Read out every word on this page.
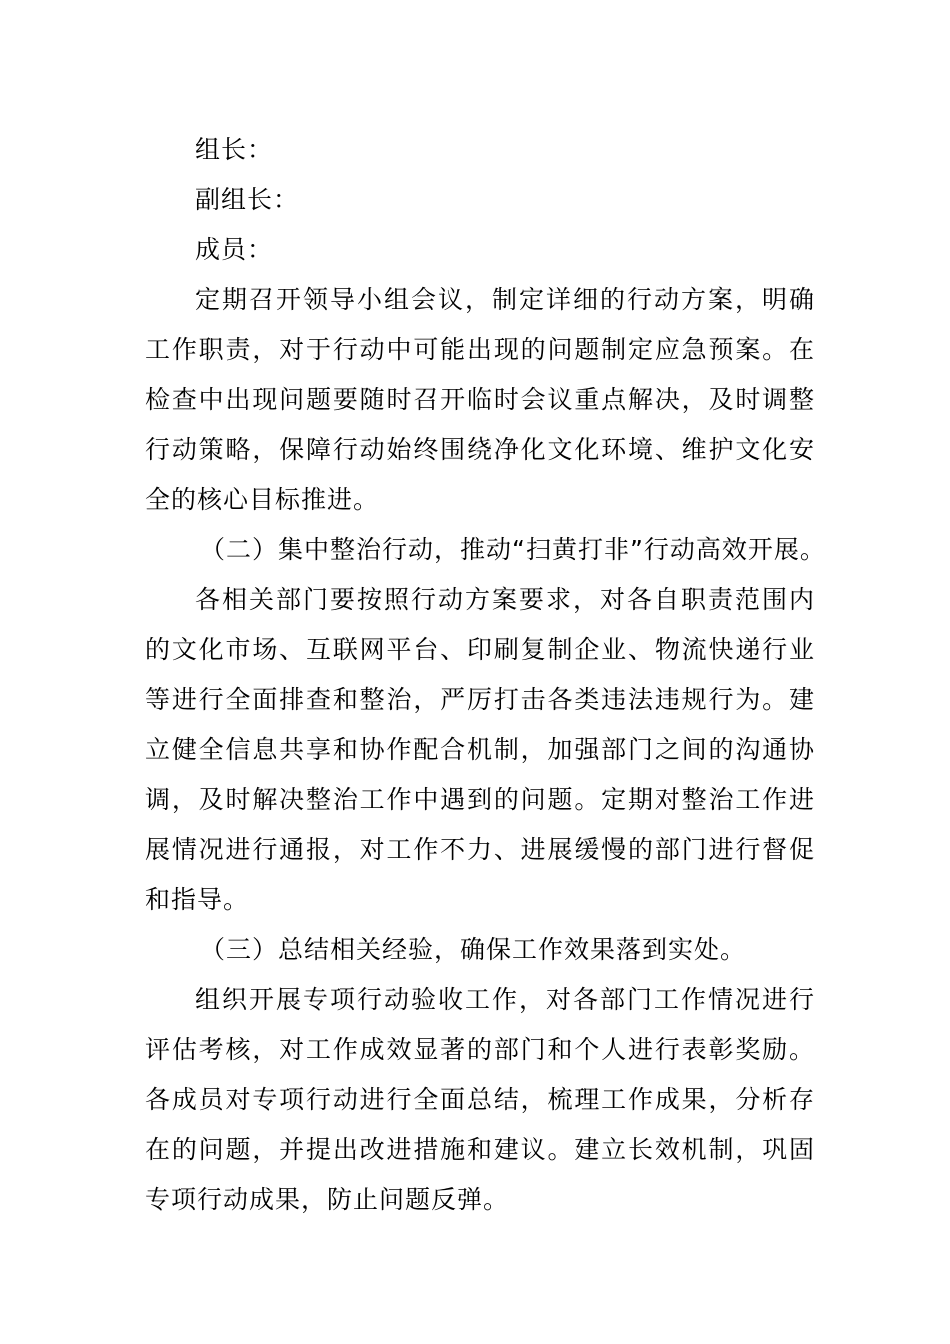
组长：
副组长：
成员：
定期召开领导小组会议，制定详细的行动方案，明确
工作职责，对于行动中可能出现的问题制定应急预案。在
检查中出现问题要随时召开临时会议重点解决，及时调整
行动策略，保障行动始终围绕净化文化环境、维护文化安
全的核心目标推进。
（二）集中整治行动，推动“扫黄打非”行动高效开展。
各相关部门要按照行动方案要求，对各自职责范围内
的文化市场、互联网平台、印刷复制企业、物流快递行业
等进行全面排查和整治，严厉打击各类违法违规行为。建
立健全信息共享和协作配合机制，加强部门之间的沟通协
调，及时解决整治工作中遇到的问题。定期对整治工作进
展情况进行通报，对工作不力、进展缓慢的部门进行督促
和指导。
（三）总结相关经验，确保工作效果落到实处。
组织开展专项行动验收工作，对各部门工作情况进行
评估考核，对工作成效显著的部门和个人进行表彰奖励。
各成员对专项行动进行全面总结，梳理工作成果，分析存
在的问题，并提出改进措施和建议。建立长效机制，巩固
专项行动成果，防止问题反弹。
